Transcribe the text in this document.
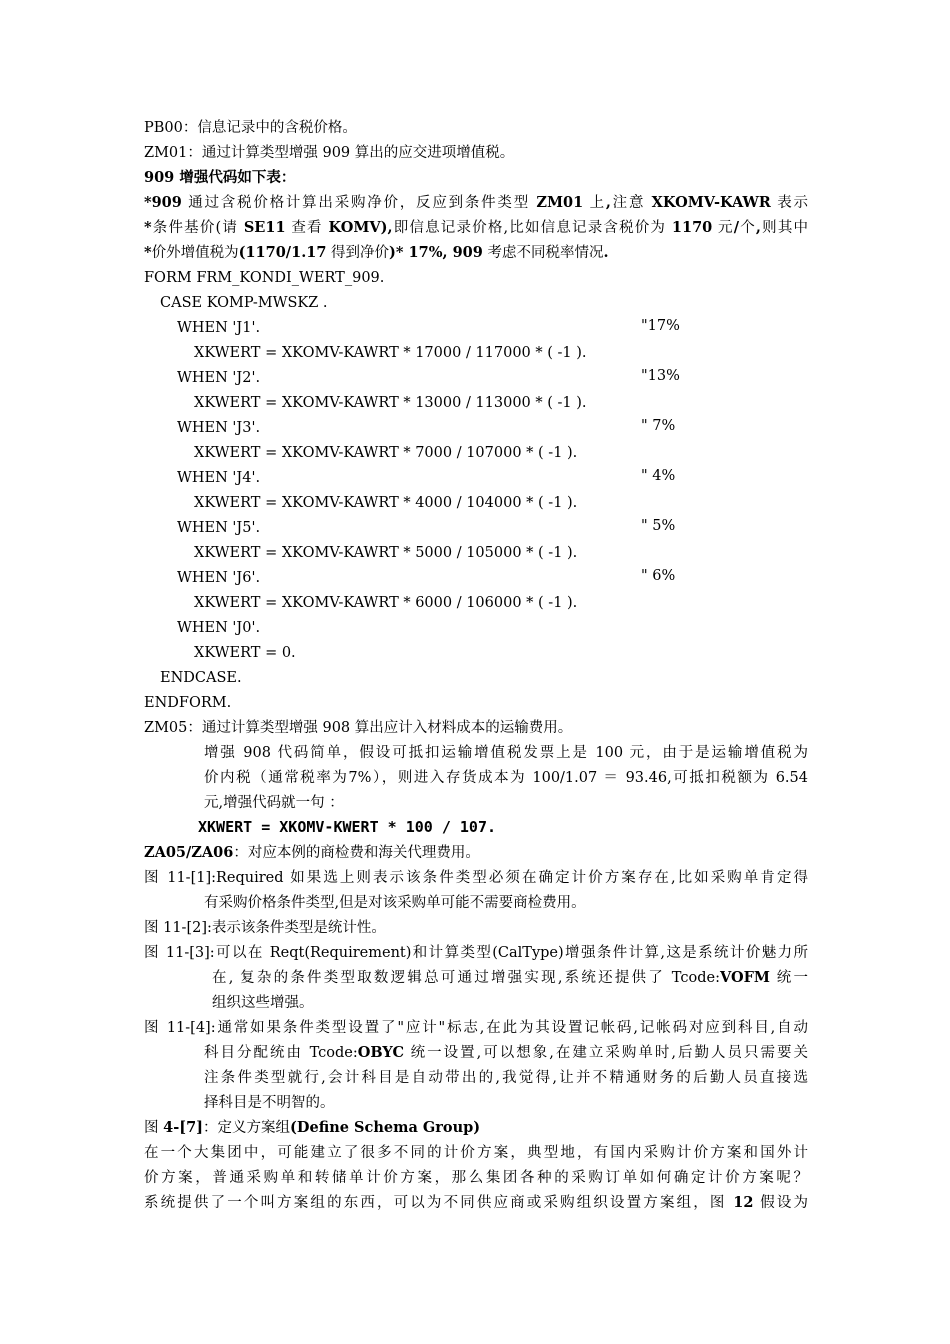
PB00：信息记录中的含税价格。
ZM01：通过计算类型增强 909 算出的应交进项增值税。
909 增强代码如下表：
*909 通过含税价格计算出采购净价，反应到条件类型 ZM01 上,注意 XKOMV-KAWR 表示
*条件基价(请 SE11 查看 KOMV),即信息记录价格,比如信息记录含税价为 1170 元/个,则其中
*价外增值税为(1170/1.17 得到净价)* 17%, 909 考虑不同税率情况.
FORM FRM_KONDI_WERT_909.
CASE KOMP-MWSKZ .
WHEN 'J1'.	"17%
XKWERT = XKOMV-KAWRT * 17000 / 117000 * ( -1 ).
WHEN 'J2'.	"13%
XKWERT = XKOMV-KAWRT * 13000 / 113000 * ( -1 ).
WHEN 'J3'.	" 7%
XKWERT = XKOMV-KAWRT * 7000 / 107000 * ( -1 ).
WHEN 'J4'.	" 4%
XKWERT = XKOMV-KAWRT * 4000 / 104000 * ( -1 ).
WHEN 'J5'.	" 5%
XKWERT = XKOMV-KAWRT * 5000 / 105000 * ( -1 ).
WHEN 'J6'.	" 6%
XKWERT = XKOMV-KAWRT * 6000 / 106000 * ( -1 ).
WHEN 'J0'.
XKWERT = 0.
ENDCASE.
ENDFORM.
ZM05：通过计算类型增强 908 算出应计入材料成本的运输费用。
增强 908 代码简单，假设可抵扣运输增值税发票上是 100 元，由于是运输增值税为
价内税（通常税率为7%），则进入存货成本为 100/1.07 ＝ 93.46,可抵扣税额为 6.54
元,增强代码就一句 ：
XKWERT = XKOMV-KWERT * 100 / 107.
ZA05/ZA06：对应本例的商检费和海关代理费用。
图 11-[1]:Required 如果选上则表示该条件类型必须在确定计价方案存在,比如采购单肯定得
有采购价格条件类型,但是对该采购单可能不需要商检费用。
图 11-[2]:表示该条件类型是统计性。
图 11-[3]:可以在 Reqt(Requirement)和计算类型(CalType)增强条件计算,这是系统计价魅力所
在, 复杂的条件类型取数逻辑总可通过增强实现,系统还提供了 Tcode:VOFM 统一
组织这些增强。
图 11-[4]:通常如果条件类型设置了"应计"标志,在此为其设置记帐码,记帐码对应到科目,自动
科目分配统由 Tcode:OBYC 统一设置,可以想象,在建立采购单时,后勤人员只需要关
注条件类型就行,会计科目是自动带出的,我觉得,让并不精通财务的后勤人员直接选
择科目是不明智的。
图 4-[7]：定义方案组(Define Schema Group)
在一个大集团中，可能建立了很多不同的计价方案，典型地，有国内采购计价方案和国外计
价方案，普通采购单和转储单计价方案，那么集团各种的采购订单如何确定计价方案呢？
系统提供了一个叫方案组的东西，可以为不同供应商或采购组织设置方案组，图 12 假设为
